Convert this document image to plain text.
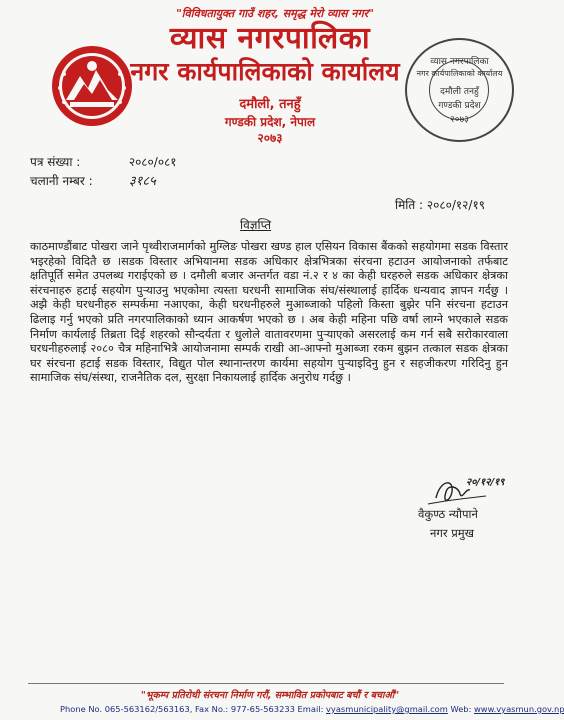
"विविधतायुक्त गाउँ शहर, समृद्ध मेरो व्यास नगर"
व्यास नगरपालिका
नगर कार्यपालिकाको कार्यालय
दमौली, तनहुँ
गण्डकी प्रदेश, नेपाल
२०७३
व्यास नगरपालिका
नगर कार्यपालिकाको कार्यालय
दमौली तनहुँ
गण्डकी प्रदेश
२०७३
पत्र संख्या :	२०८०/०८१
चलानी नम्बर :	३१८५
मिति : २०८०/१२/१९
विज्ञप्ति
काठमाण्डौंबाट पोखरा जाने पृथ्वीराजमार्गको मुग्लिङ पोखरा खण्ड हाल एसियन विकास बैंकको सहयोगमा सडक विस्तार भइरहेको विदितै छ ।सडक विस्तार अभियानमा सडक अधिकार क्षेत्रभित्रका संरचना हटाउन आयोजनाको तर्फबाट क्षतिपूर्ति समेत उपलब्ध गराईएको छ । दमौली बजार अन्तर्गत वडा नं.२ र ४ का केही घरहरुले सडक अधिकार क्षेत्रका संरचनाहरु हटाई सहयोग पुऱ्याउनु भएकोमा त्यस्ता घरधनी सामाजिक संघ/संस्थालाई हार्दिक धन्यवाद ज्ञापन गर्दछु । अझै केही घरधनीहरु सम्पर्कमा नआएका, केही घरधनीहरुले मुआब्जाको पहिलो किस्ता बुझेर पनि संरचना हटाउन ढिलाइ गर्नु भएको प्रति नगरपालिकाको ध्यान आकर्षण भएको छ । अब केही महिना पछि वर्षा लाग्ने भएकाले सडक निर्माण कार्यलाई तिब्रता दिई शहरको सौन्दर्यता र धुलोले वातावरणमा पुऱ्याएको असरलाई कम गर्न सबै सरोकारवाला घरधनीहरुलाई २०८० चैत्र महिनाभित्रै आयोजनामा सम्पर्क राखी आ-आफ्नो मुआब्जा रकम बुझन तत्काल सडक क्षेत्रका घर संरचना हटाई सडक विस्तार, विद्युत पोल स्थानान्तरण कार्यमा सहयोग पुऱ्याइदिनु हुन र सहजीकरण गरिदिनु हुन सामाजिक संघ/संस्था, राजनैतिक दल, सुरक्षा निकायलाई हार्दिक अनुरोध गर्दछु ।
२०/१२/१९
वैकुण्ठ न्यौपाने
नगर प्रमुख
"भूकम्प प्रतिरोधी संरचना निर्माण गरौं, सम्भावित प्रकोपबाट बचौं र बचाऔं"
Phone No. 065-563162/563163, Fax No.: 977-65-563233 Email: vyasmunicipality@gmail.com Web: www.vyasmun.gov.np
